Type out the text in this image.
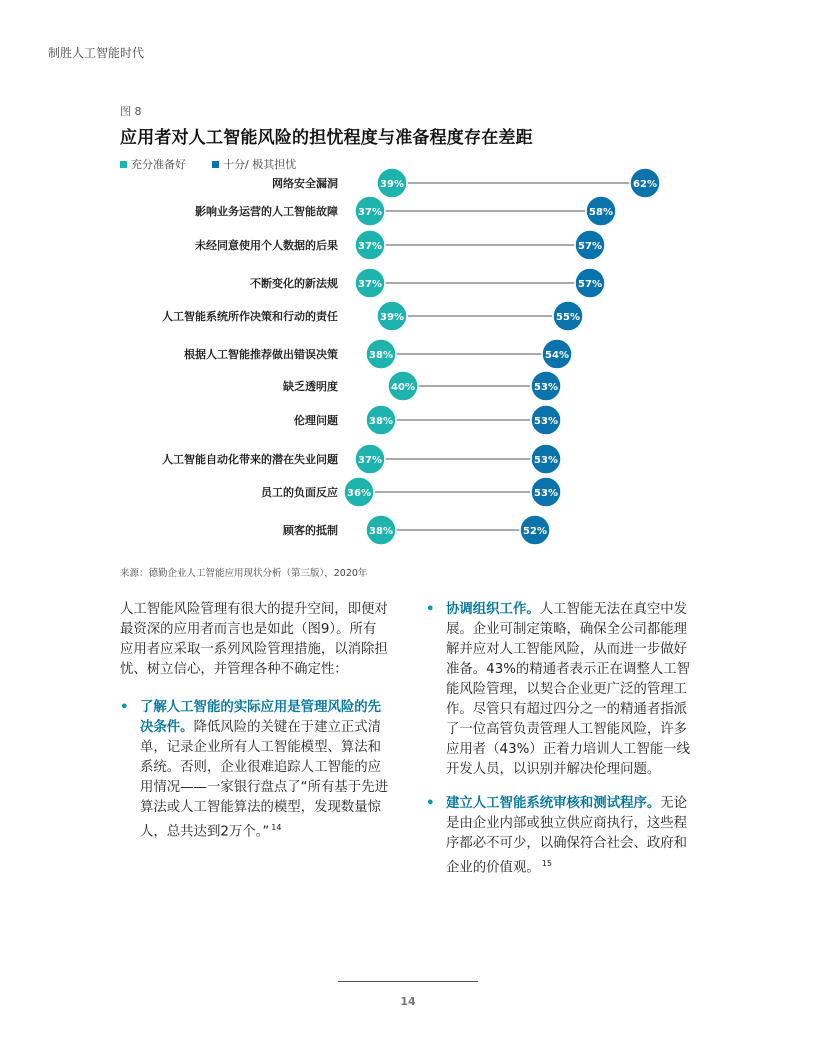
制胜人工智能时代
图 8
应用者对人工智能风险的担忧程度与准备程度存在差距
充分准备好	十分/ 极其担忧
网络安全漏洞	39%	62%
影响业务运营的人工智能故障 37%	58%
未经同意使用个人数据的后果 37%	57%
不断变化的新法规 37%	57%
人工智能系统所作决策和行动的责任	39%	55%
根据人工智能推荐做出错误决策	38%	54%
缺乏透明度	40%	53%
伦理问题	38%	53%
人工智能自动化带来的潜在失业问题 37%	53%
员工的负面反应 36%	53%
顾客的抵制	38%	52%
来源：德勤企业人工智能应用现状分析（第三版），2020年

人工智能风险管理有很大的提升空间，即便对最资深的应用者而言也是如此（图9）。所有应用者应采取一系列风险管理措施，以消除担忧、树立信心，并管理各种不确定性：

• 了解人工智能的实际应用是管理风险的先决条件。降低风险的关键在于建立正式清单，记录企业所有人工智能模型、算法和系统。否则，企业很难追踪人工智能的应用情况——一家银行盘点了“所有基于先进算法或人工智能算法的模型，发现数量惊人，总共达到2万个。” $^{14}$
• 协调组织工作。人工智能无法在真空中发展。企业可制定策略，确保全公司都能理解并应对人工智能风险，从而进一步做好准备。43%的精通者表示正在调整人工智能风险管理，以契合企业更广泛的管理工作。尽管只有超过四分之一的精通者指派了一位高管负责管理人工智能风险，许多应用者（43%）正着力培训人工智能一线开发人员，以识别并解决伦理问题。
• 建立人工智能系统审核和测试程序。无论是由企业内部或独立供应商执行，这些程序都必不可少，以确保符合社会、政府和企业的价值观。 $^{15}$
14
